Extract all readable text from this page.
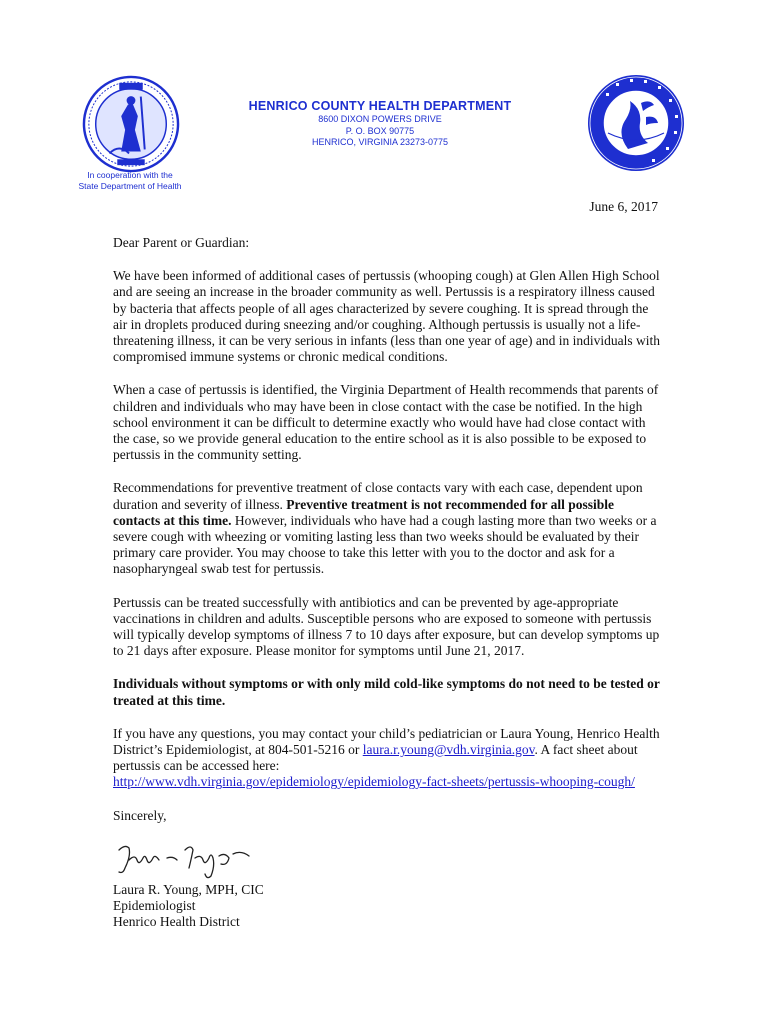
In cooperation with the
State Department of Health
HENRICO COUNTY HEALTH DEPARTMENT
8600 DIXON POWERS DRIVE
P. O. BOX 90775
HENRICO, VIRGINIA 23273-0775
June 6, 2017

Dear Parent or Guardian:

We have been informed of additional cases of pertussis (whooping cough) at Glen Allen High School and are seeing an increase in the broader community as well. Pertussis is a respiratory illness caused by bacteria that affects people of all ages characterized by severe coughing. It is spread through the air in droplets produced during sneezing and/or coughing. Although pertussis is usually not a life-threatening illness, it can be very serious in infants (less than one year of age) and in individuals with compromised immune systems or chronic medical conditions.

When a case of pertussis is identified, the Virginia Department of Health recommends that parents of children and individuals who may have been in close contact with the case be notified. In the high school environment it can be difficult to determine exactly who would have had close contact with the case, so we provide general education to the entire school as it is also possible to be exposed to pertussis in the community setting.

Recommendations for preventive treatment of close contacts vary with each case, dependent upon duration and severity of illness. Preventive treatment is not recommended for all possible contacts at this time. However, individuals who have had a cough lasting more than two weeks or a severe cough with wheezing or vomiting lasting less than two weeks should be evaluated by their primary care provider. You may choose to take this letter with you to the doctor and ask for a nasopharyngeal swab test for pertussis.

Pertussis can be treated successfully with antibiotics and can be prevented by age-appropriate vaccinations in children and adults. Susceptible persons who are exposed to someone with pertussis will typically develop symptoms of illness 7 to 10 days after exposure, but can develop symptoms up to 21 days after exposure. Please monitor for symptoms until June 21, 2017.

Individuals without symptoms or with only mild cold-like symptoms do not need to be tested or treated at this time.

If you have any questions, you may contact your child’s pediatrician or Laura Young, Henrico Health District’s Epidemiologist, at 804-501-5216 or laura.r.young@vdh.virginia.gov. A fact sheet about pertussis can be accessed here:
http://www.vdh.virginia.gov/epidemiology/epidemiology-fact-sheets/pertussis-whooping-cough/

Sincerely,

Laura R. Young, MPH, CIC

Epidemiologist

Henrico Health District
